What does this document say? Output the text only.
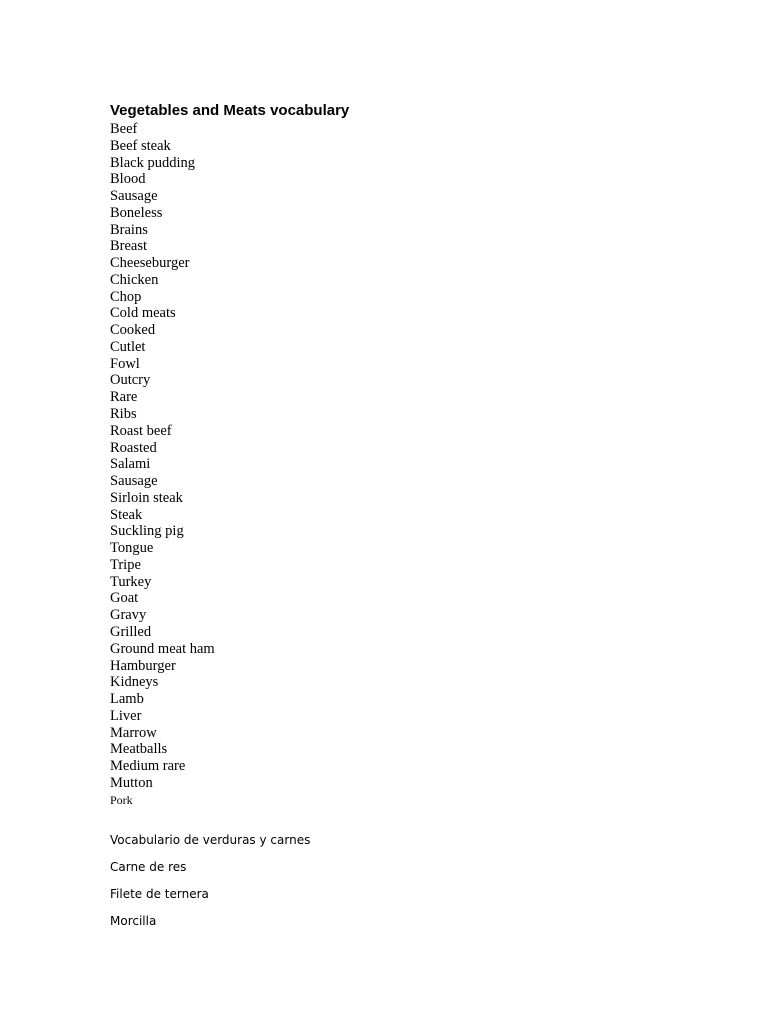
Vegetables and Meats vocabulary
Beef
Beef steak
Black pudding
Blood
Sausage
Boneless
Brains
Breast
Cheeseburger
Chicken
Chop
Cold meats
Cooked
Cutlet
Fowl
Outcry
Rare
Ribs
Roast beef
Roasted
Salami
Sausage
Sirloin steak
Steak
Suckling pig
Tongue
Tripe
Turkey
Goat
Gravy
Grilled
Ground meat ham
Hamburger
Kidneys
Lamb
Liver
Marrow
Meatballs
Medium rare
Mutton
Pork

Vocabulario de verduras y carnes

Carne de res

Filete de ternera

Morcilla
